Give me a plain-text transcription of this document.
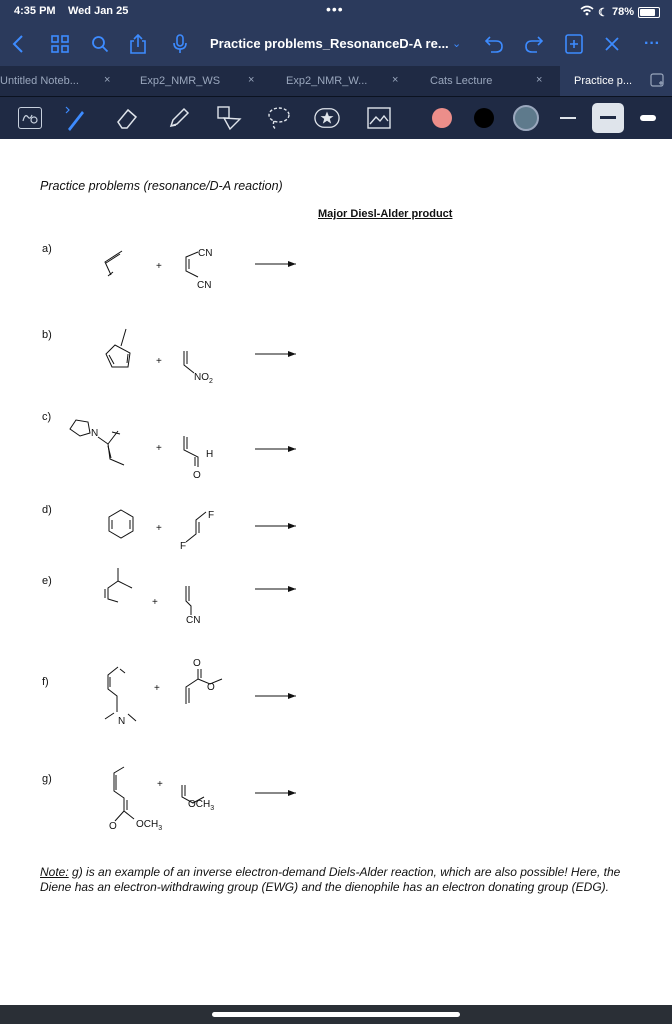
4:35 PM Wed Jan 25	•••	☾ 78%
Practice problems_ResonanceD-A re... ⌄	···
Untitled Noteb... ×	Exp2_NMR_WS	×	Exp2_NMR_W... ×	Cats Lecture	×	Practice p...
Practice problems (resonance/D-A reaction)
Major Diesl-Alder product
a)
b)
c)
d)
e)
f)
g)
+
+
+
+
+
+
+
CN
CN
$NO_2$
N
H
O
F
F
CN
O
O
N
O $OCH_3$
$OCH_3$
Note: g) is an example of an inverse electron-demand Diels-Alder reaction, which are also possible! Here, the Diene has an electron-withdrawing group (EWG) and the dienophile has an electron donating group (EDG).
